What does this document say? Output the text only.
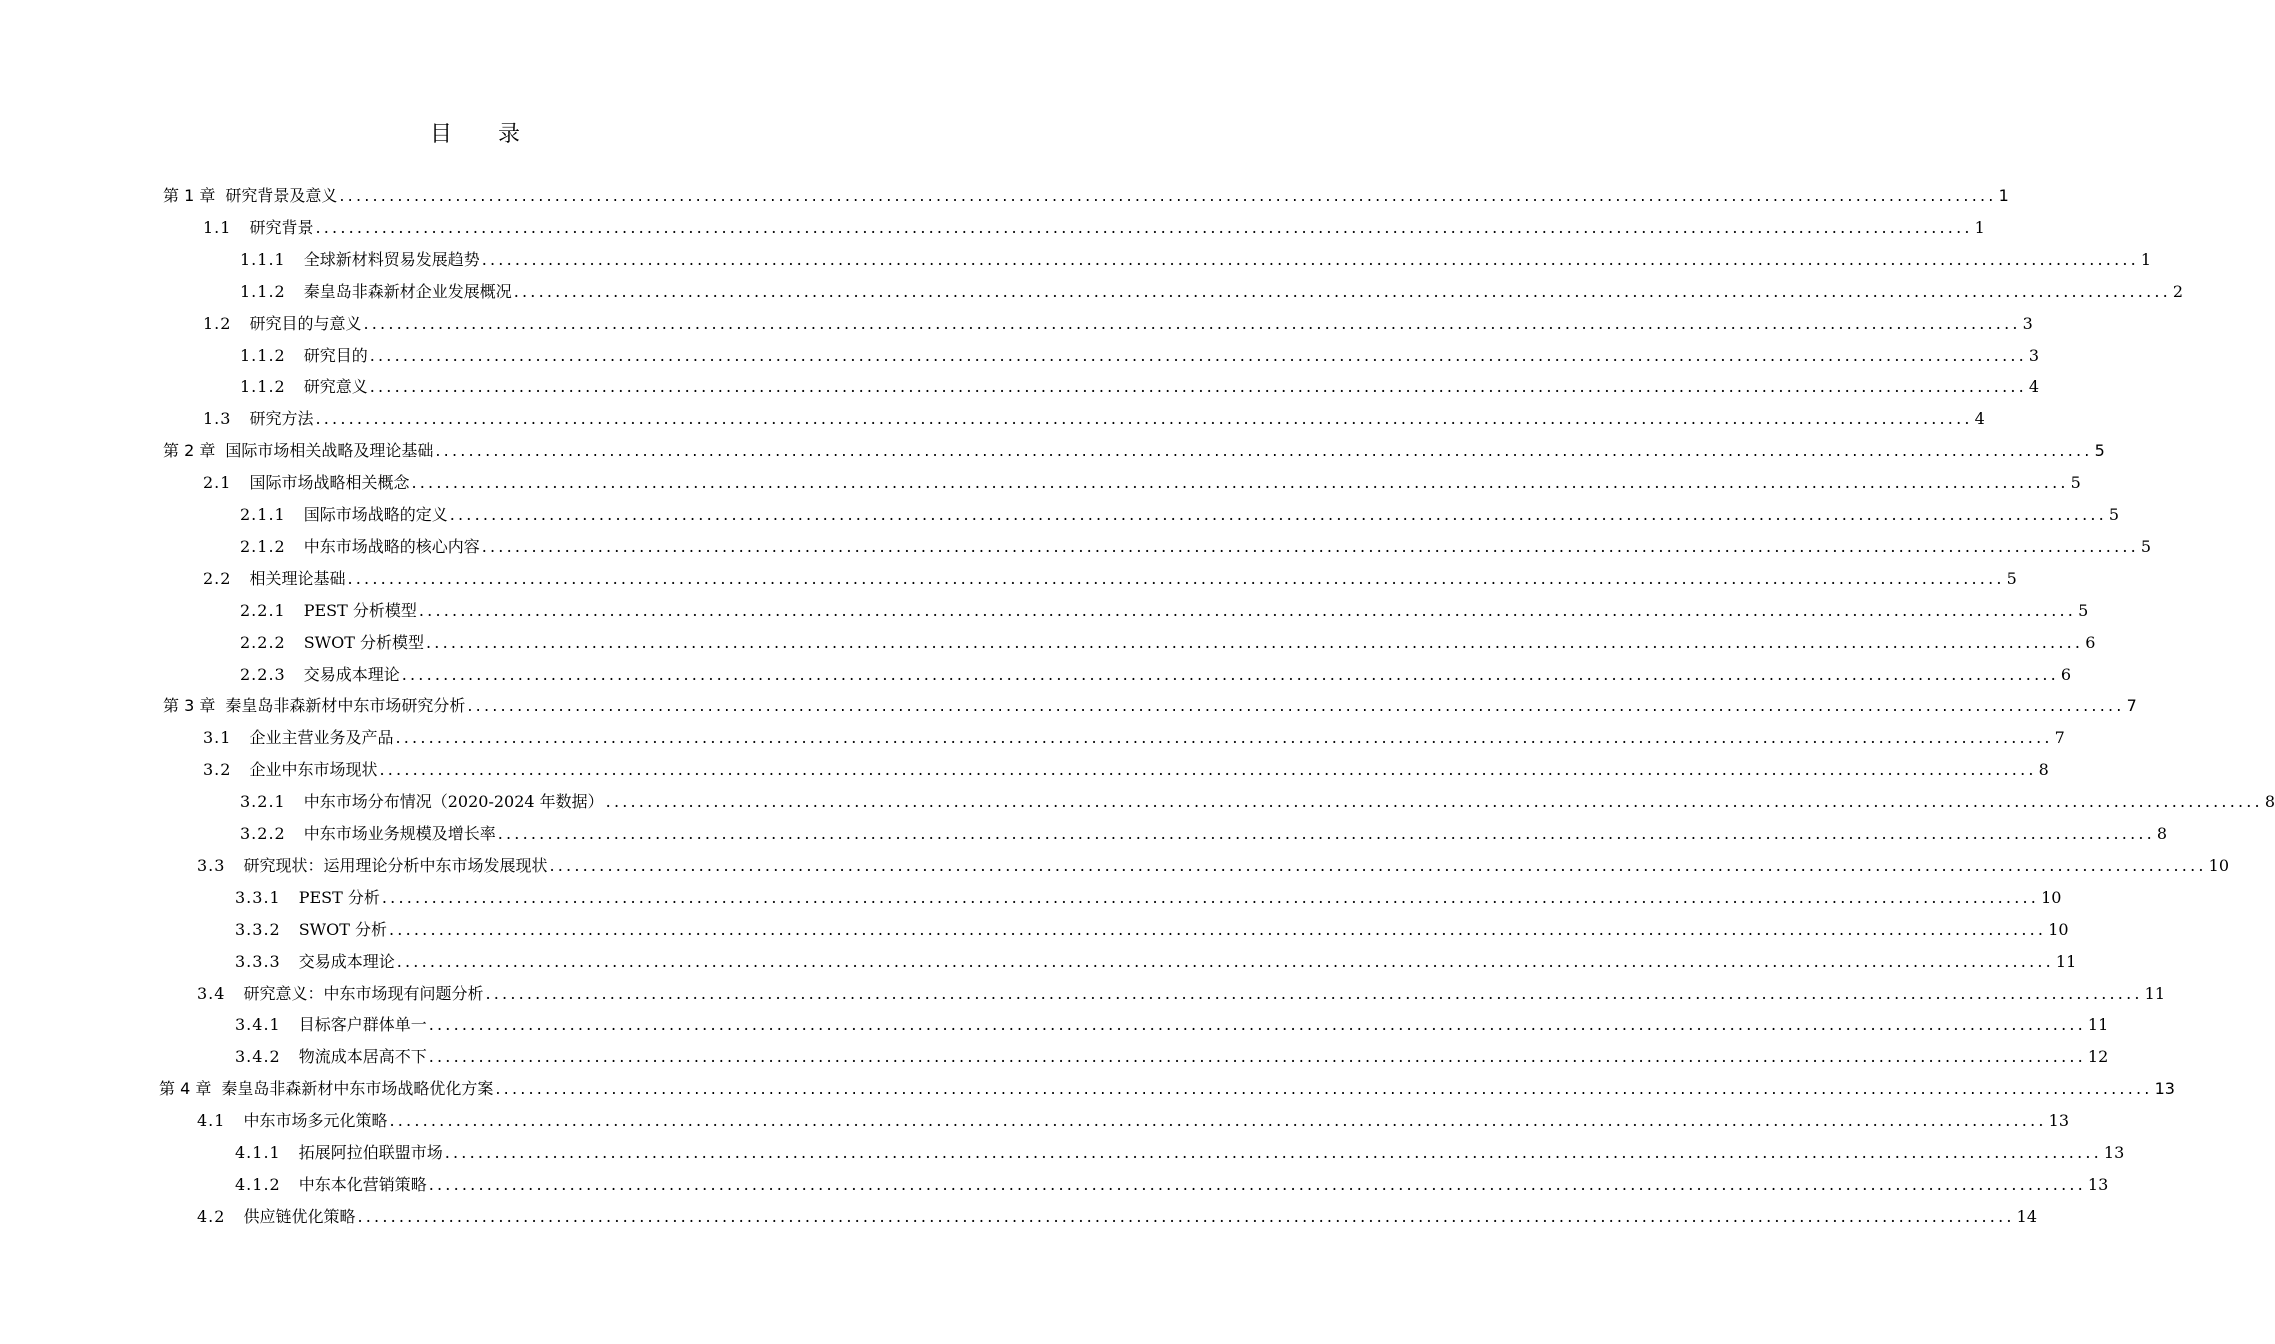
目 录
第 1 章 研究背景及意义 ........................................................................................................................................................................................................ 1
1.1 研究背景 ........................................................................................................................................................................................................ 1
1.1.1 全球新材料贸易发展趋势 ........................................................................................................................................................................................................ 1
1.1.2 秦皇岛非森新材企业发展概况 ........................................................................................................................................................................................................ 2
1.2 研究目的与意义 ........................................................................................................................................................................................................ 3
1.1.2 研究目的 ........................................................................................................................................................................................................ 3
1.1.2 研究意义 ........................................................................................................................................................................................................ 4
1.3 研究方法 ........................................................................................................................................................................................................ 4
第 2 章 国际市场相关战略及理论基础 ........................................................................................................................................................................................................ 5
2.1 国际市场战略相关概念 ........................................................................................................................................................................................................ 5
2.1.1 国际市场战略的定义 ........................................................................................................................................................................................................ 5
2.1.2 中东市场战略的核心内容 ........................................................................................................................................................................................................ 5
2.2 相关理论基础 ........................................................................................................................................................................................................ 5
2.2.1 PEST 分析模型 ........................................................................................................................................................................................................ 5
2.2.2 SWOT 分析模型 ........................................................................................................................................................................................................ 6
2.2.3 交易成本理论 ........................................................................................................................................................................................................ 6
第 3 章 秦皇岛非森新材中东市场研究分析 ........................................................................................................................................................................................................ 7
3.1 企业主营业务及产品 ........................................................................................................................................................................................................ 7
3.2 企业中东市场现状 ........................................................................................................................................................................................................ 8
3.2.1 中东市场分布情况（2020-2024 年数据） ........................................................................................................................................................................................................ 8
3.2.2 中东市场业务规模及增长率 ........................................................................................................................................................................................................ 8
3.3 研究现状：运用理论分析中东市场发展现状 ........................................................................................................................................................................................................ 10
3.3.1 PEST 分析 ........................................................................................................................................................................................................ 10
3.3.2 SWOT 分析 ........................................................................................................................................................................................................ 10
3.3.3 交易成本理论 ........................................................................................................................................................................................................ 11
3.4 研究意义：中东市场现有问题分析 ........................................................................................................................................................................................................ 11
3.4.1 目标客户群体单一 ........................................................................................................................................................................................................ 11
3.4.2 物流成本居高不下 ........................................................................................................................................................................................................ 12
第 4 章 秦皇岛非森新材中东市场战略优化方案 ........................................................................................................................................................................................................ 13
4.1 中东市场多元化策略 ........................................................................................................................................................................................................ 13
4.1.1 拓展阿拉伯联盟市场 ........................................................................................................................................................................................................ 13
4.1.2 中东本化营销策略 ........................................................................................................................................................................................................ 13
4.2 供应链优化策略 ........................................................................................................................................................................................................ 14
